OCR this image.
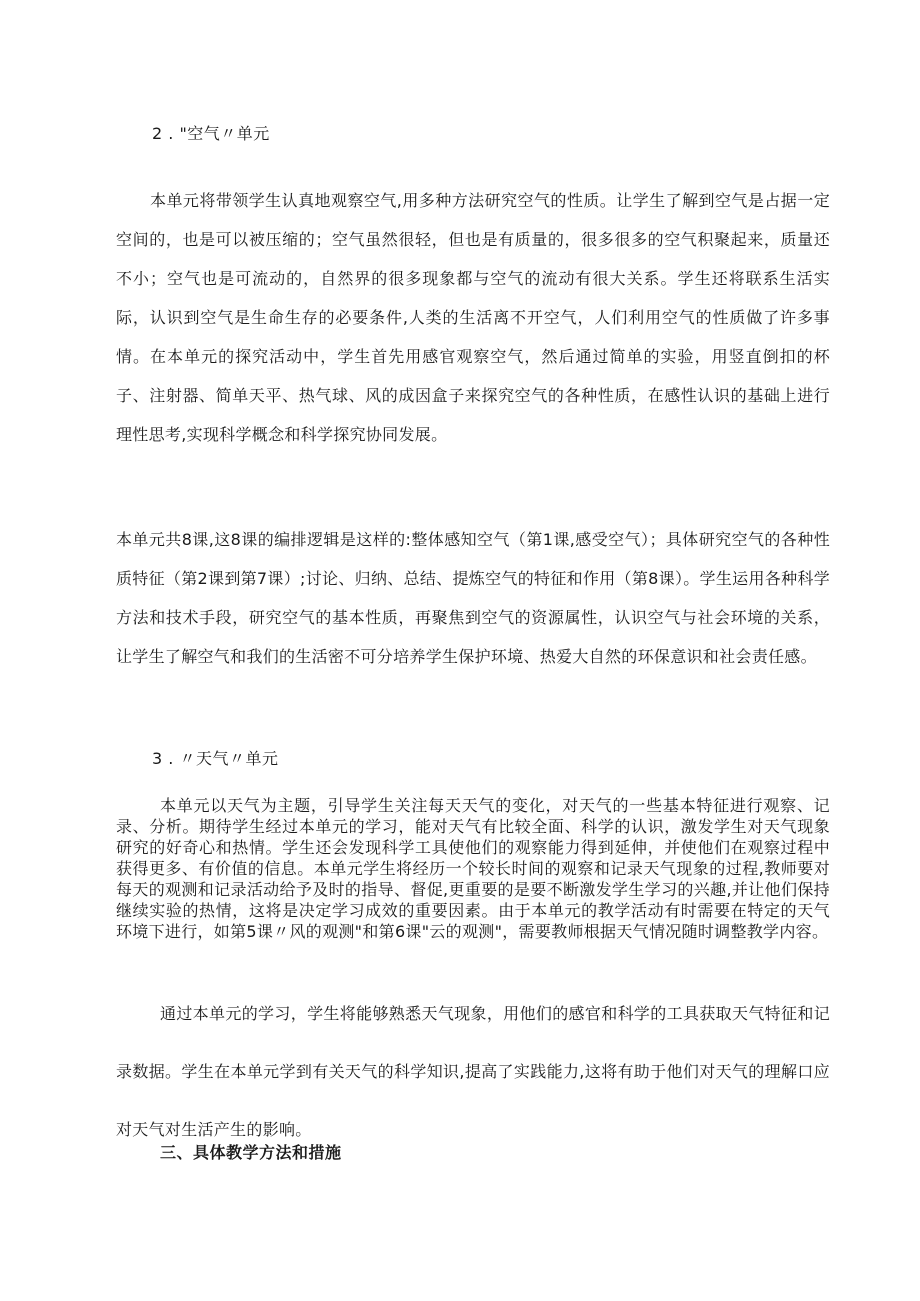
2 . "空气〃单元

本单元将带领学生认真地观察空气,用多种方法研究空气的性质。让学生了解到空气是占据一定空间的，也是可以被压缩的；空气虽然很轻，但也是有质量的，很多很多的空气积聚起来，质量还不小；空气也是可流动的，自然界的很多现象都与空气的流动有很大关系。学生还将联系生活实际，认识到空气是生命生存的必要条件,人类的生活离不开空气，人们利用空气的性质做了许多事情。在本单元的探究活动中，学生首先用感官观察空气，然后通过简单的实验，用竖直倒扣的杯子、注射器、简单天平、热气球、风的成因盒子来探究空气的各种性质，在感性认识的基础上进行理性思考,实现科学概念和科学探究协同发展。

本单元共8课,这8课的编排逻辑是这样的:整体感知空气（第1课,感受空气）；具体研究空气的各种性质特征（第2课到第7课）;讨论、归纳、总结、提炼空气的特征和作用（第8课）。学生运用各种科学方法和技术手段，研究空气的基本性质，再聚焦到空气的资源属性，认识空气与社会环境的关系，让学生了解空气和我们的生活密不可分培养学生保护环境、热爱大自然的环保意识和社会责任感。

3 . 〃天气〃单元

本单元以天气为主题，引导学生关注每天天气的变化，对天气的一些基本特征进行观察、记录、分析。期待学生经过本单元的学习，能对天气有比较全面、科学的认识，激发学生对天气现象研究的好奇心和热情。学生还会发现科学工具使他们的观察能力得到延伸，并使他们在观察过程中获得更多、有价值的信息。本单元学生将经历一个较长时间的观察和记录天气现象的过程,教师要对每天的观测和记录活动给予及时的指导、督促,更重要的是要不断激发学生学习的兴趣,并让他们保持继续实验的热情，这将是决定学习成效的重要因素。由于本单元的教学活动有时需要在特定的天气环境下进行，如第5课〃风的观测"和第6课"云的观测"，需要教师根据天气情况随时调整教学内容。

通过本单元的学习，学生将能够熟悉天气现象，用他们的感官和科学的工具获取天气特征和记录数据。学生在本单元学到有关天气的科学知识,提高了实践能力,这将有助于他们对天气的理解口应对天气对生活产生的影响。

三、具体教学方法和措施
